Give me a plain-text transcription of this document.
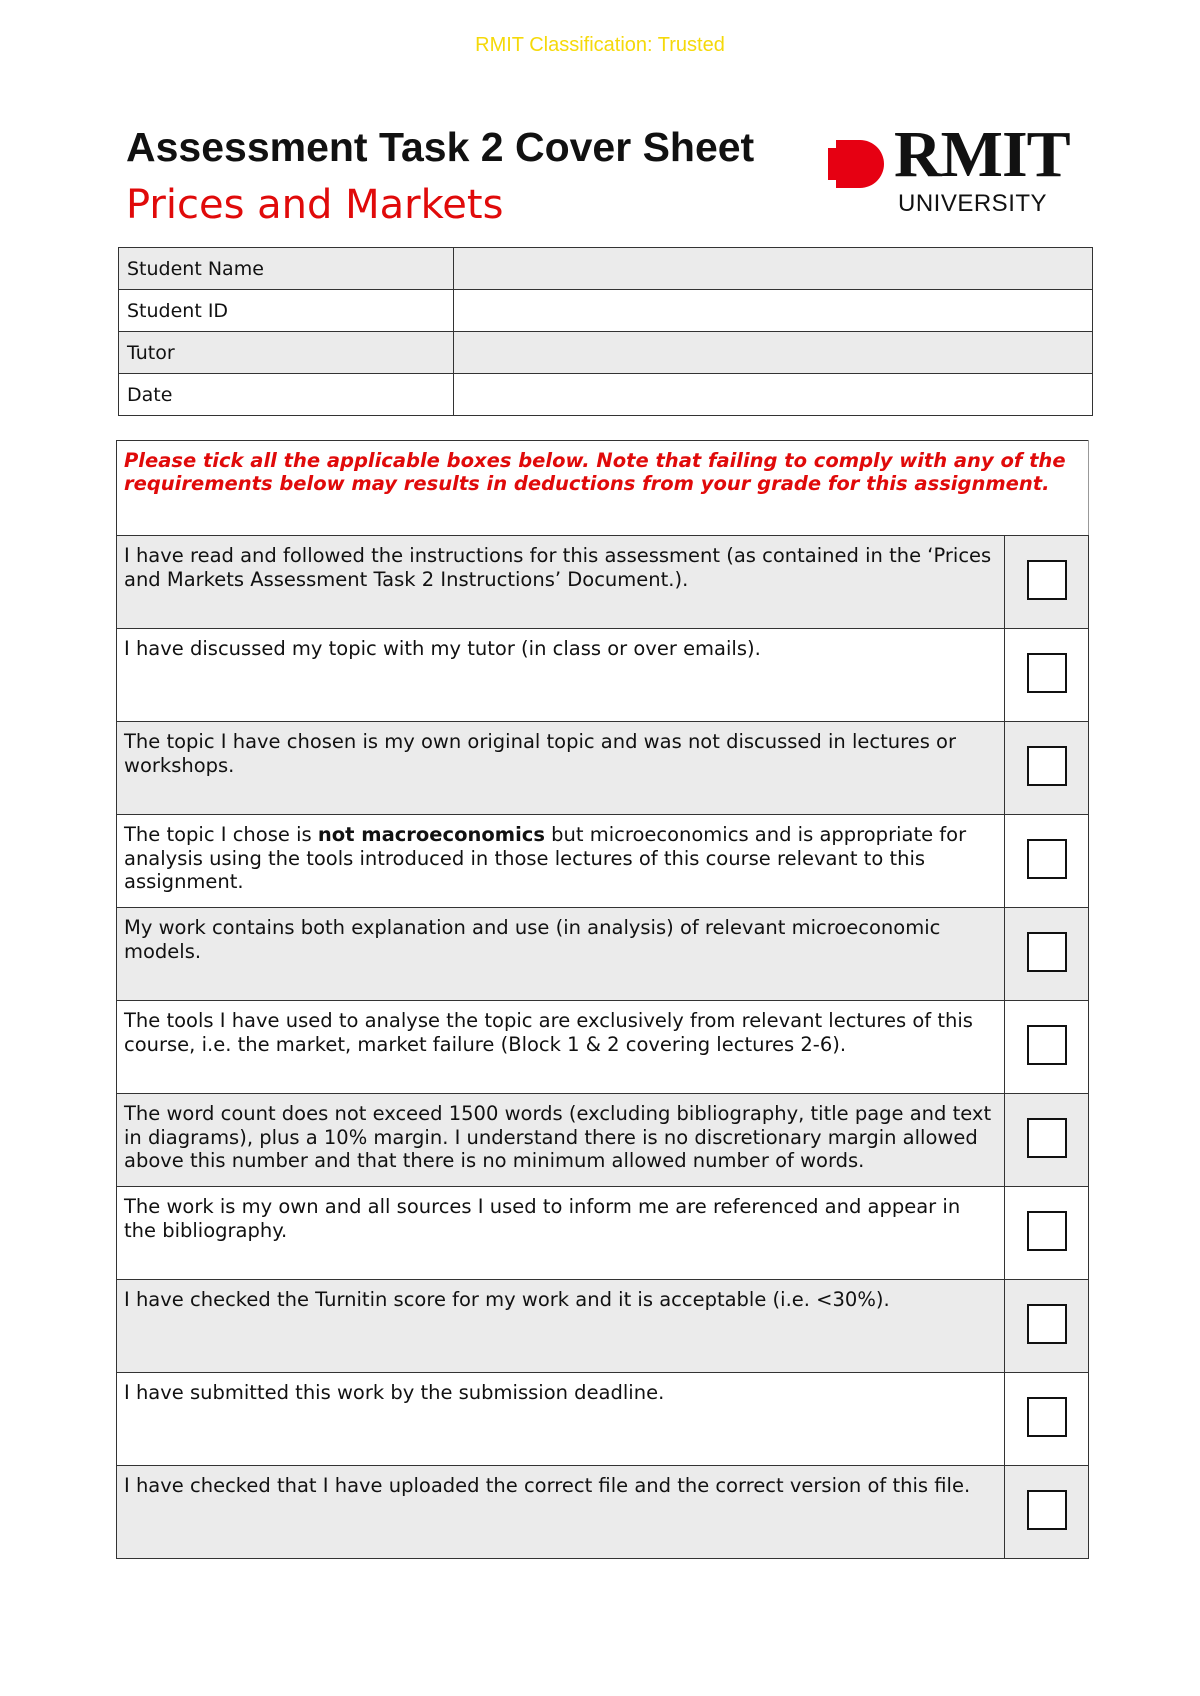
RMIT Classification: Trusted
Assessment Task 2 Cover Sheet
Prices and Markets
RMIT
UNIVERSITY
Student Name	
Student ID	
Tutor	
Date	
Please tick all the applicable boxes below. Note that failing to comply with any of the requirements below may results in deductions from your grade for this assignment.	
I have read and followed the instructions for this assessment (as contained in the ‘Prices and Markets Assessment Task 2 Instructions’ Document.).	
I have discussed my topic with my tutor (in class or over emails).	
The topic I have chosen is my own original topic and was not discussed in lectures or workshops.	
The topic I chose is not macroeconomics but microeconomics and is appropriate for analysis using the tools introduced in those lectures of this course relevant to this assignment.	
My work contains both explanation and use (in analysis) of relevant microeconomic models.	
The tools I have used to analyse the topic are exclusively from relevant lectures of this course, i.e. the market, market failure (Block 1 & 2 covering lectures 2-6).	
The word count does not exceed 1500 words (excluding bibliography, title page and text in diagrams), plus a 10% margin. I understand there is no discretionary margin allowed above this number and that there is no minimum allowed number of words.	
The work is my own and all sources I used to inform me are referenced and appear in the bibliography.	
I have checked the Turnitin score for my work and it is acceptable (i.e. <30%).	
I have submitted this work by the submission deadline.	
I have checked that I have uploaded the correct file and the correct version of this file.	
